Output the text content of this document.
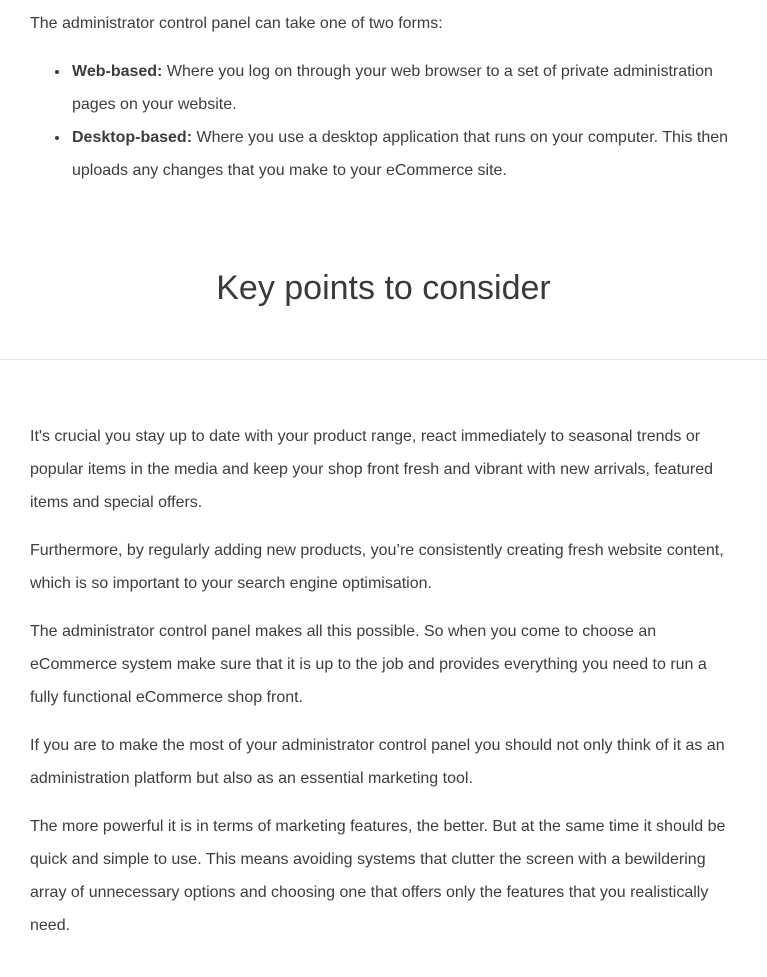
The administrator control panel can take one of two forms:

• Web-based: Where you log on through your web browser to a set of private administration pages on your website.
• Desktop-based: Where you use a desktop application that runs on your computer. This then uploads any changes that you make to your eCommerce site.
Key points to consider

It's crucial you stay up to date with your product range, react immediately to seasonal trends or popular items in the media and keep your shop front fresh and vibrant with new arrivals, featured items and special offers.

Furthermore, by regularly adding new products, you’re consistently creating fresh website content, which is so important to your search engine optimisation.

The administrator control panel makes all this possible. So when you come to choose an eCommerce system make sure that it is up to the job and provides everything you need to run a fully functional eCommerce shop front.

If you are to make the most of your administrator control panel you should not only think of it as an administration platform but also as an essential marketing tool.

The more powerful it is in terms of marketing features, the better. But at the same time it should be quick and simple to use. This means avoiding systems that clutter the screen with a bewildering array of unnecessary options and choosing one that offers only the features that you realistically need.
